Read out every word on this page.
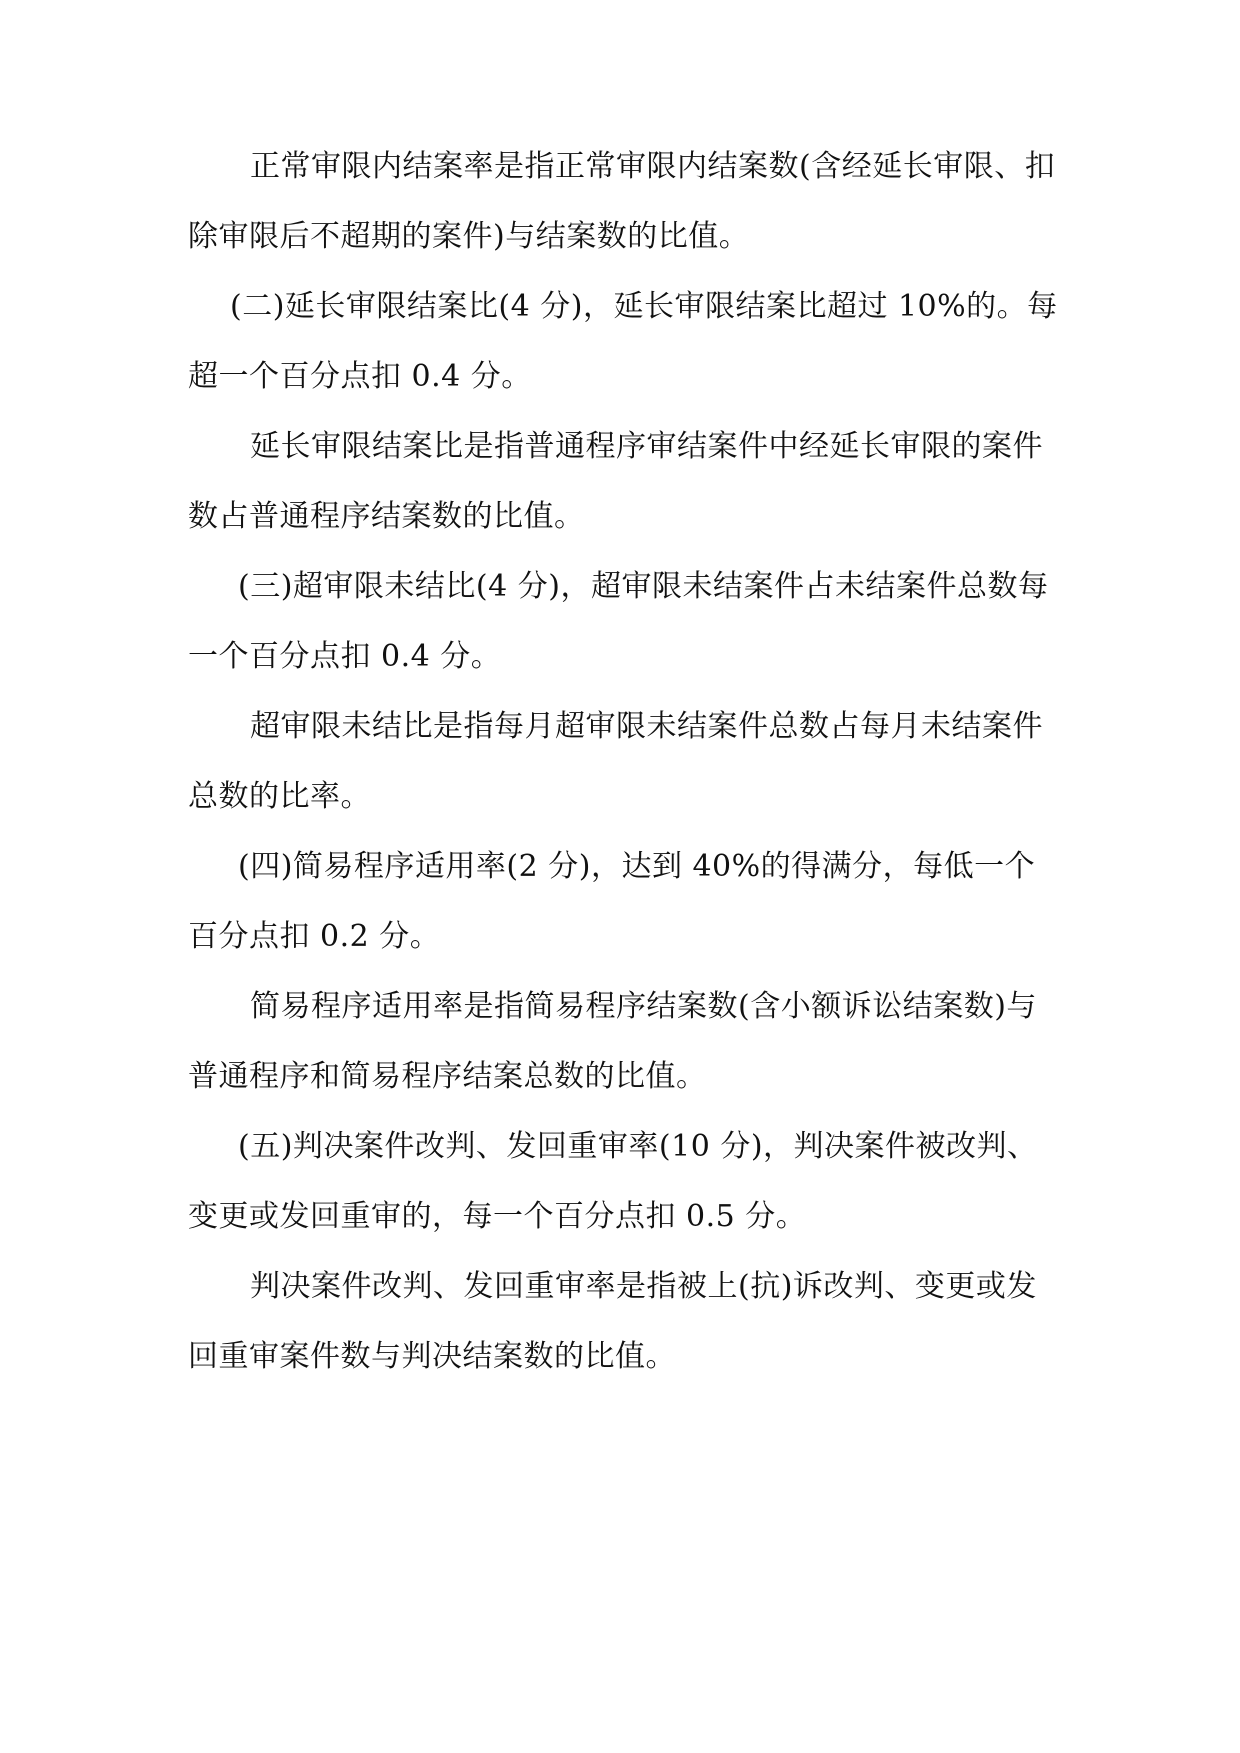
正常审限内结案率是指正常审限内结案数(含经延长审限、扣除审限后不超期的案件)与结案数的比值。

(二)延长审限结案比(4 分)，延长审限结案比超过 10%的。每超一个百分点扣 0.4 分。

延长审限结案比是指普通程序审结案件中经延长审限的案件数占普通程序结案数的比值。

(三)超审限未结比(4 分)，超审限未结案件占未结案件总数每一个百分点扣 0.4 分。

超审限未结比是指每月超审限未结案件总数占每月未结案件总数的比率。

(四)简易程序适用率(2 分)，达到 40%的得满分，每低一个百分点扣 0.2 分。

简易程序适用率是指简易程序结案数(含小额诉讼结案数)与普通程序和简易程序结案总数的比值。

(五)判决案件改判、发回重审率(10 分)，判决案件被改判、变更或发回重审的，每一个百分点扣 0.5 分。

判决案件改判、发回重审率是指被上(抗)诉改判、变更或发回重审案件数与判决结案数的比值。
